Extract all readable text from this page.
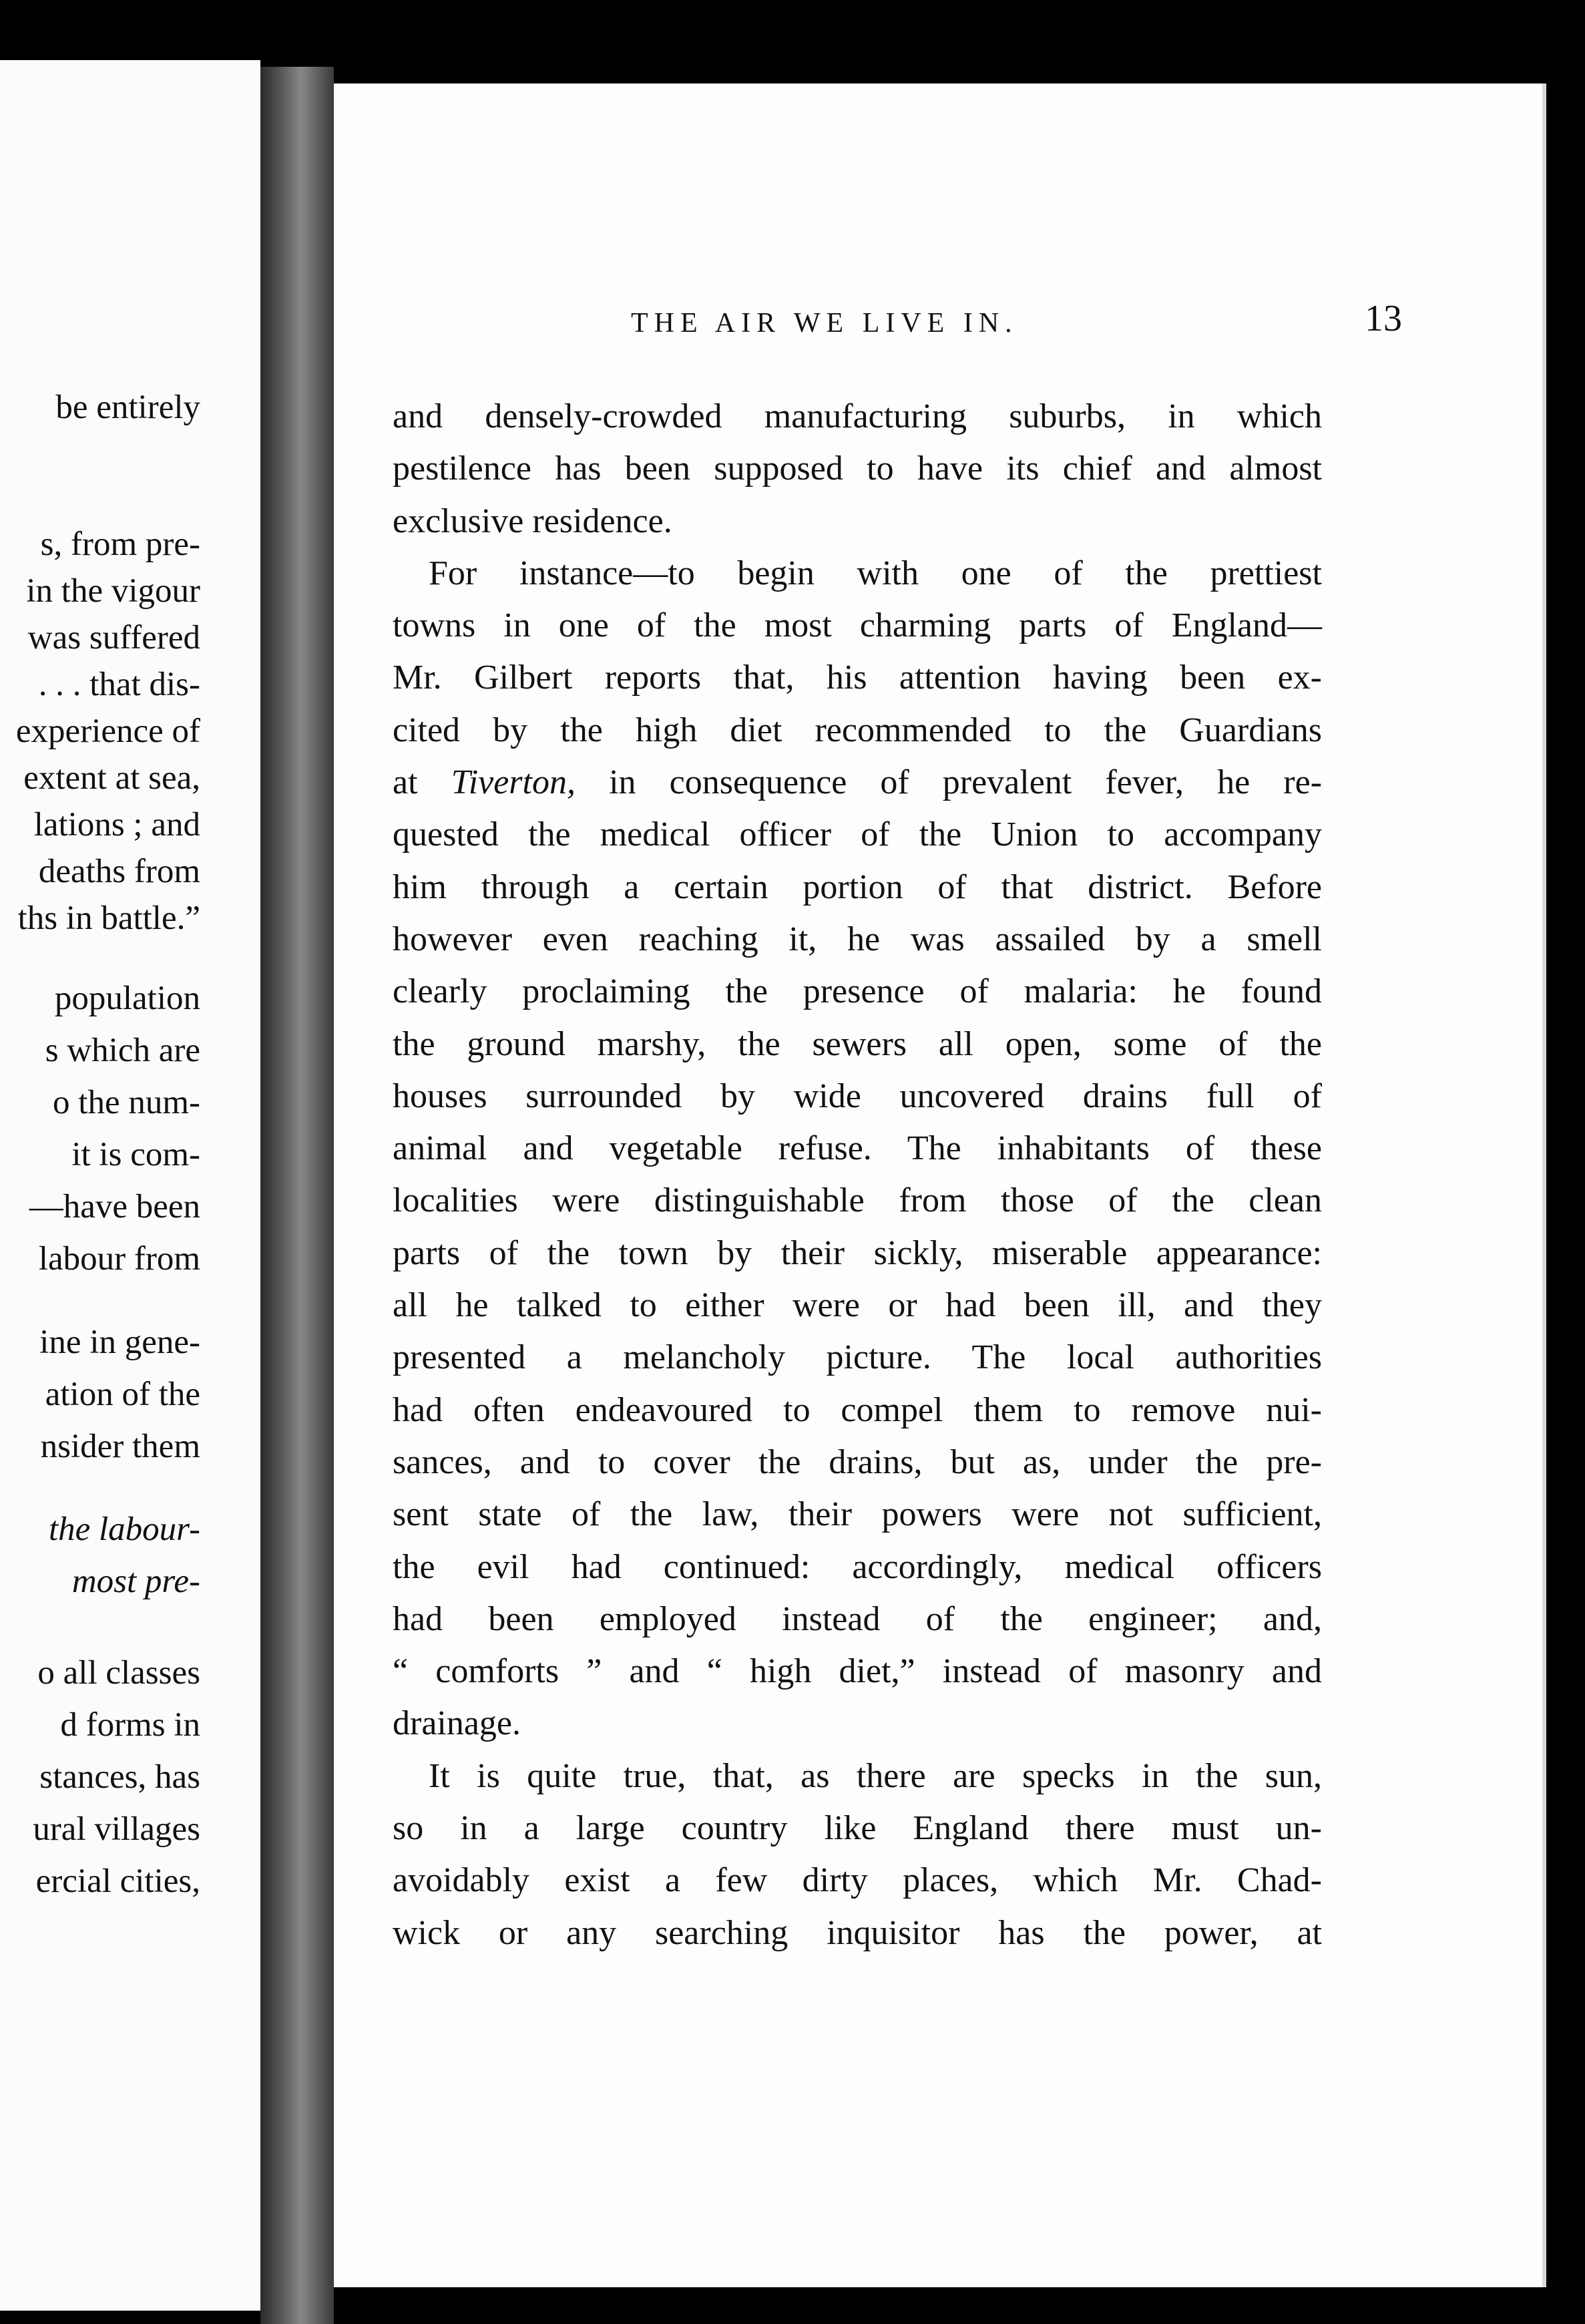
be entirely
s, from pre-
in the vigour
was suffered
. . . that dis-
experience of
extent at sea,
lations ; and
deaths from
ths in battle.”
population
s which are
o the num-
it is com-
—have been
labour from
ine in gene-
ation of the
nsider them
the labour-
most pre-
o all classes
d forms in
stances, has
ural villages
ercial cities,
THE AIR WE LIVE IN.	13
and densely-crowded manufacturing suburbs, in which
pestilence has been supposed to have its chief and almost
exclusive residence.
For instance—to begin with one of the prettiest
towns in one of the most charming parts of England—
Mr. Gilbert reports that, his attention having been ex-
cited by the high diet recommended to the Guardians
at Tiverton, in consequence of prevalent fever, he re-
quested the medical officer of the Union to accompany
him through a certain portion of that district. Before
however even reaching it, he was assailed by a smell
clearly proclaiming the presence of malaria: he found
the ground marshy, the sewers all open, some of the
houses surrounded by wide uncovered drains full of
animal and vegetable refuse. The inhabitants of these
localities were distinguishable from those of the clean
parts of the town by their sickly, miserable appearance:
all he talked to either were or had been ill, and they
presented a melancholy picture. The local authorities
had often endeavoured to compel them to remove nui-
sances, and to cover the drains, but as, under the pre-
sent state of the law, their powers were not sufficient,
the evil had continued: accordingly, medical officers
had been employed instead of the engineer; and,
“ comforts ” and “ high diet,” instead of masonry and
drainage.
It is quite true, that, as there are specks in the sun,
so in a large country like England there must un-
avoidably exist a few dirty places, which Mr. Chad-
wick or any searching inquisitor has the power, at
